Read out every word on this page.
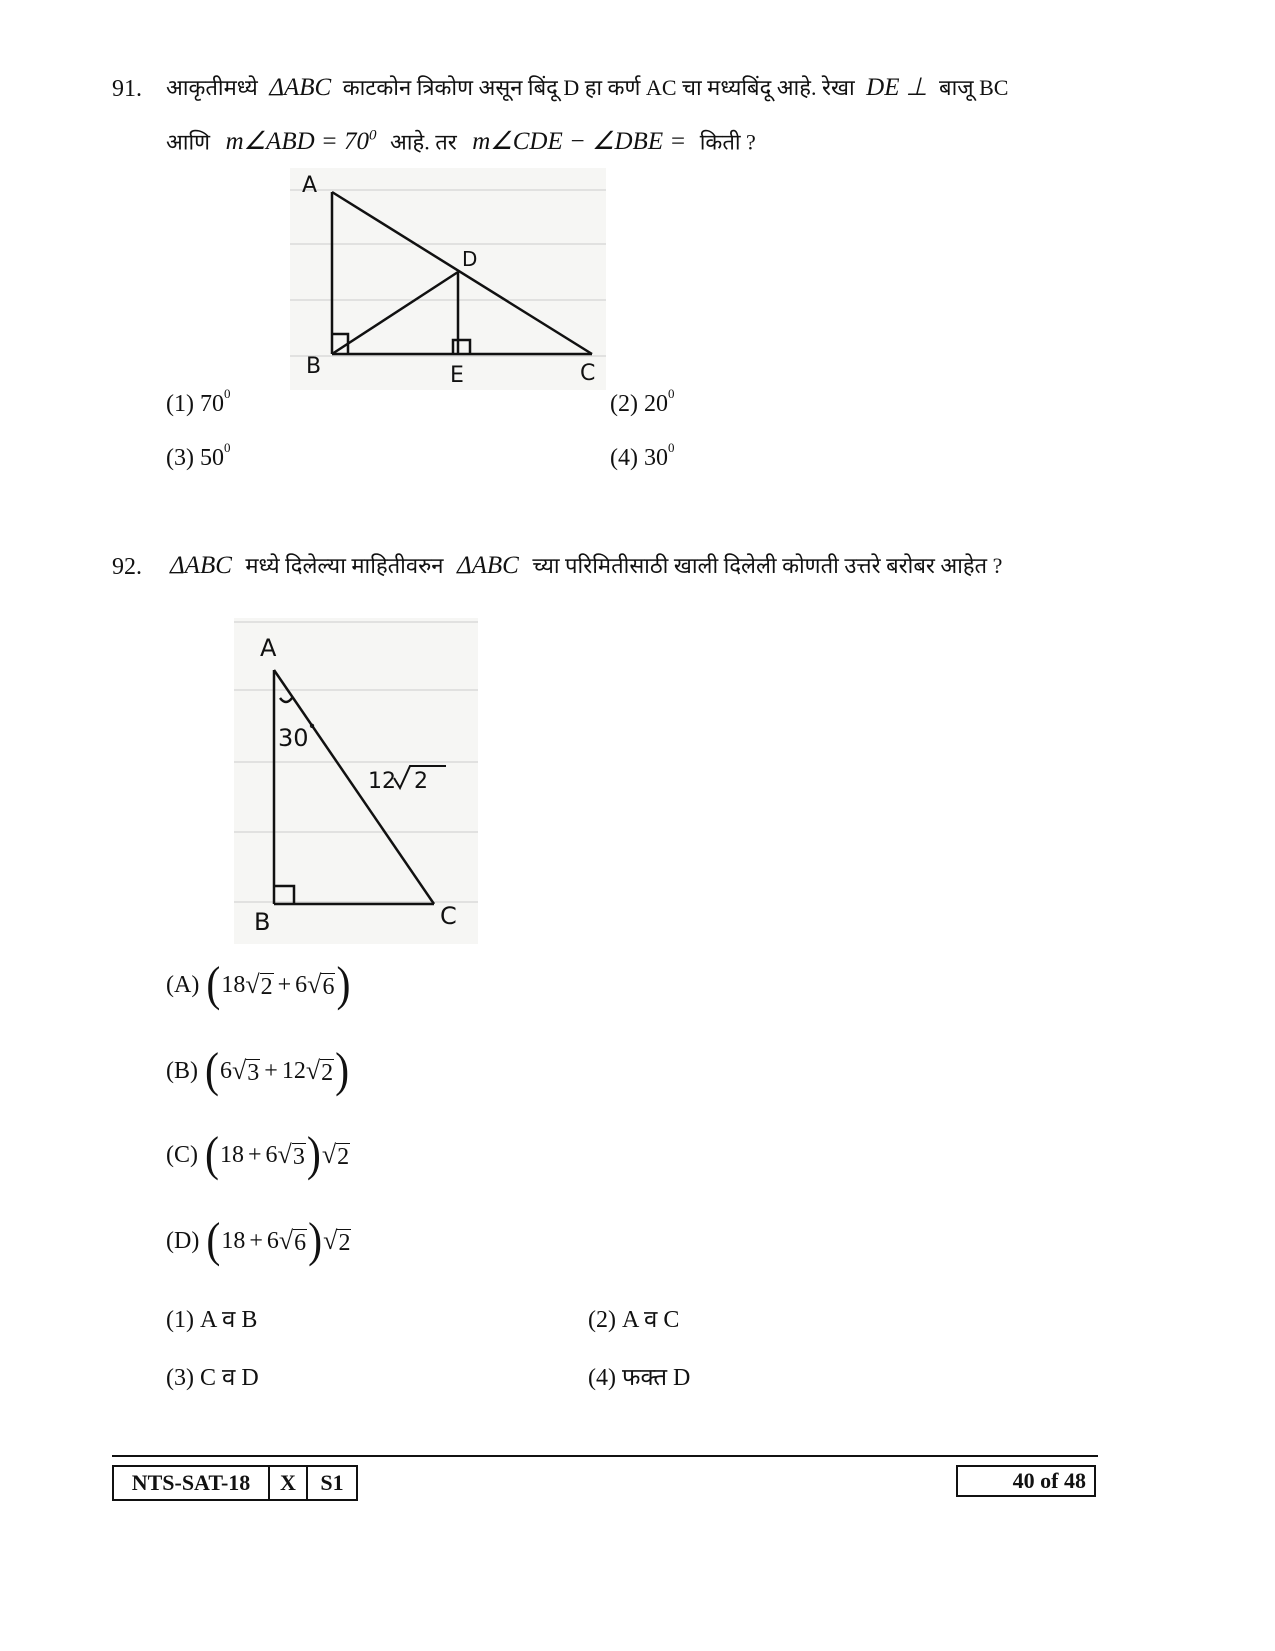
91. आकृतीमध्ये ΔABC काटकोन त्रिकोण असून बिंदू D हा कर्ण AC चा मध्यबिंदू आहे. रेखा DE ⊥ बाजू BC
आणि m∠ABD = $70^0$ आहे. तर m∠CDE − ∠DBE = किती ?
A
B	C
D
E
(1) $70^0$	(2) $20^0$
(3) $50^0$	(4) $30^0$
92. ΔABC मध्ये दिलेल्या माहितीवरुन ΔABC च्या परिमितीसाठी खाली दिलेली कोणती उत्तरे बरोबर आहेत ?
A
B	C
30°
12 2
(A)
( 18 √ 2 + 6 √ 6 )
(B)
( 6 √ 3 + 12 √ 2 )
(C)
( 18 + 6 √ 3 ) √ 2
(D)
( 18 + 6 √ 6 ) √ 2
(1) A व B	(2) A व C
(3) C व D	(4) फक्त D
NTS-SAT-18	X	S1	40 of 48
